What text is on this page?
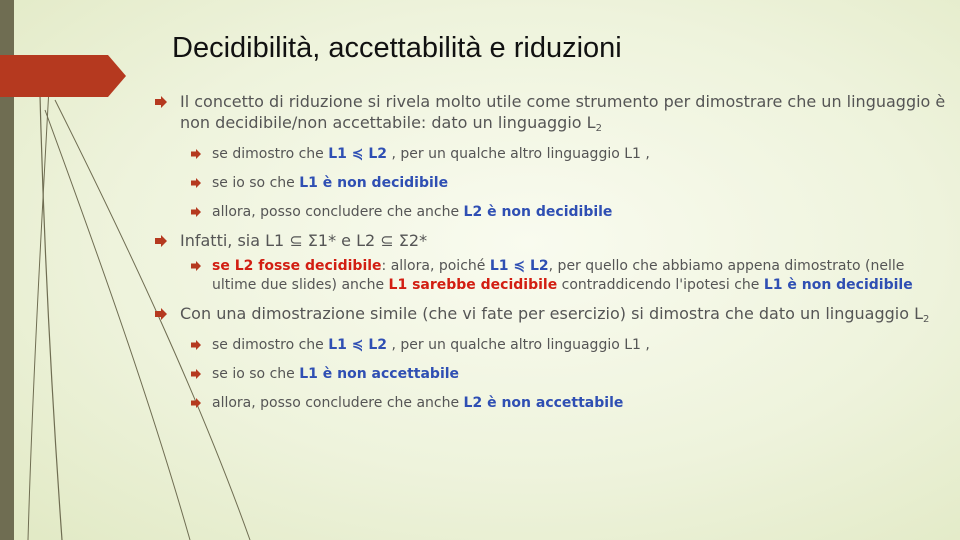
Decidibilità, accettabilità e riduzioni
Il concetto di riduzione si rivela molto utile come strumento per dimostrare che un linguaggio è non decidibile/non accettabile: dato un linguaggio $L_2$
se dimostro che L1 ≼ L2 , per un qualche altro linguaggio L1 ,
se io so che L1 è non decidibile
allora, posso concludere che anche L2 è non decidibile
Infatti, sia L1 ⊆ Σ1* e L2 ⊆ Σ2*
se L2 fosse decidibile: allora, poiché L1 ≼ L2, per quello che abbiamo appena dimostrato (nelle ultime due slides) anche L1 sarebbe decidibile contraddicendo l'ipotesi che L1 è non decidibile
Con una dimostrazione simile (che vi fate per esercizio) si dimostra che dato un linguaggio $L_2$
se dimostro che L1 ≼ L2 , per un qualche altro linguaggio L1 ,
se io so che L1 è non accettabile
allora, posso concludere che anche L2 è non accettabile
